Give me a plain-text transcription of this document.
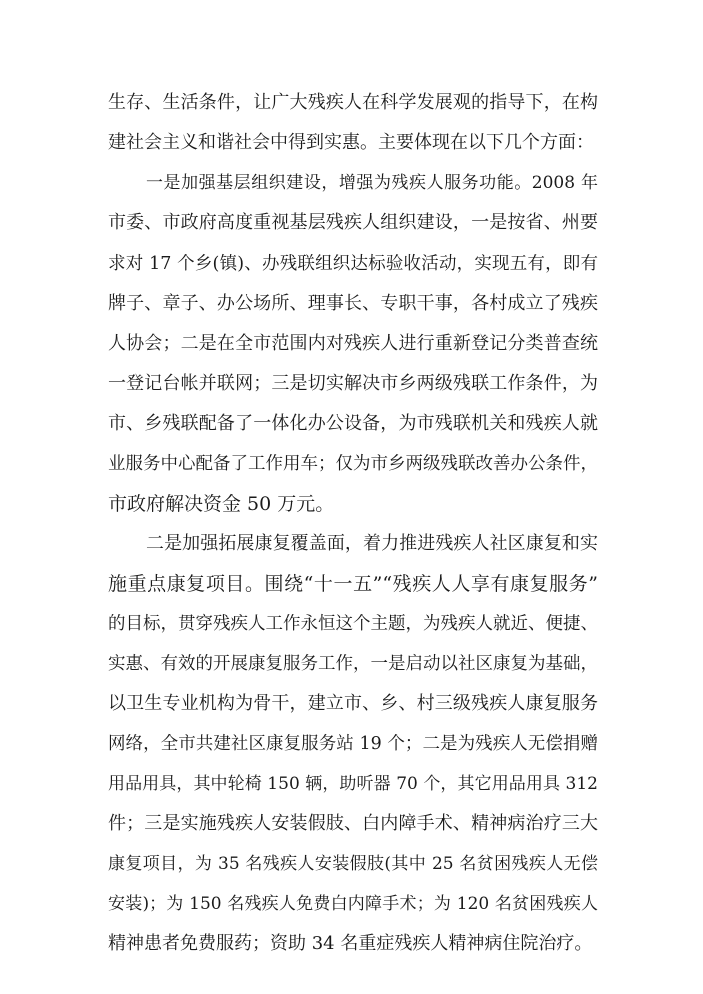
生存、生活条件，让广大残疾人在科学发展观的指导下，在构
建社会主义和谐社会中得到实惠。主要体现在以下几个方面：
一是加强基层组织建设，增强为残疾人服务功能。2008 年
市委、市政府高度重视基层残疾人组织建设，一是按省、州要
求对 17 个乡(镇)、办残联组织达标验收活动，实现五有，即有
牌子、章子、办公场所、理事长、专职干事，各村成立了残疾
人协会；二是在全市范围内对残疾人进行重新登记分类普查统
一登记台帐并联网；三是切实解决市乡两级残联工作条件，为
市、乡残联配备了一体化办公设备，为市残联机关和残疾人就
业服务中心配备了工作用车；仅为市乡两级残联改善办公条件，
市政府解决资金 50 万元。
二是加强拓展康复覆盖面，着力推进残疾人社区康复和实
施重点康复项目。围绕“十一五”“残疾人人享有康复服务”
的目标，贯穿残疾人工作永恒这个主题，为残疾人就近、便捷、
实惠、有效的开展康复服务工作，一是启动以社区康复为基础，
以卫生专业机构为骨干，建立市、乡、村三级残疾人康复服务
网络，全市共建社区康复服务站 19 个；二是为残疾人无偿捐赠
用品用具，其中轮椅 150 辆，助听器 70 个，其它用品用具 312
件；三是实施残疾人安装假肢、白内障手术、精神病治疗三大
康复项目，为 35 名残疾人安装假肢(其中 25 名贫困残疾人无偿
安装)；为 150 名残疾人免费白内障手术；为 120 名贫困残疾人
精神患者免费服药；资助 34 名重症残疾人精神病住院治疗。
